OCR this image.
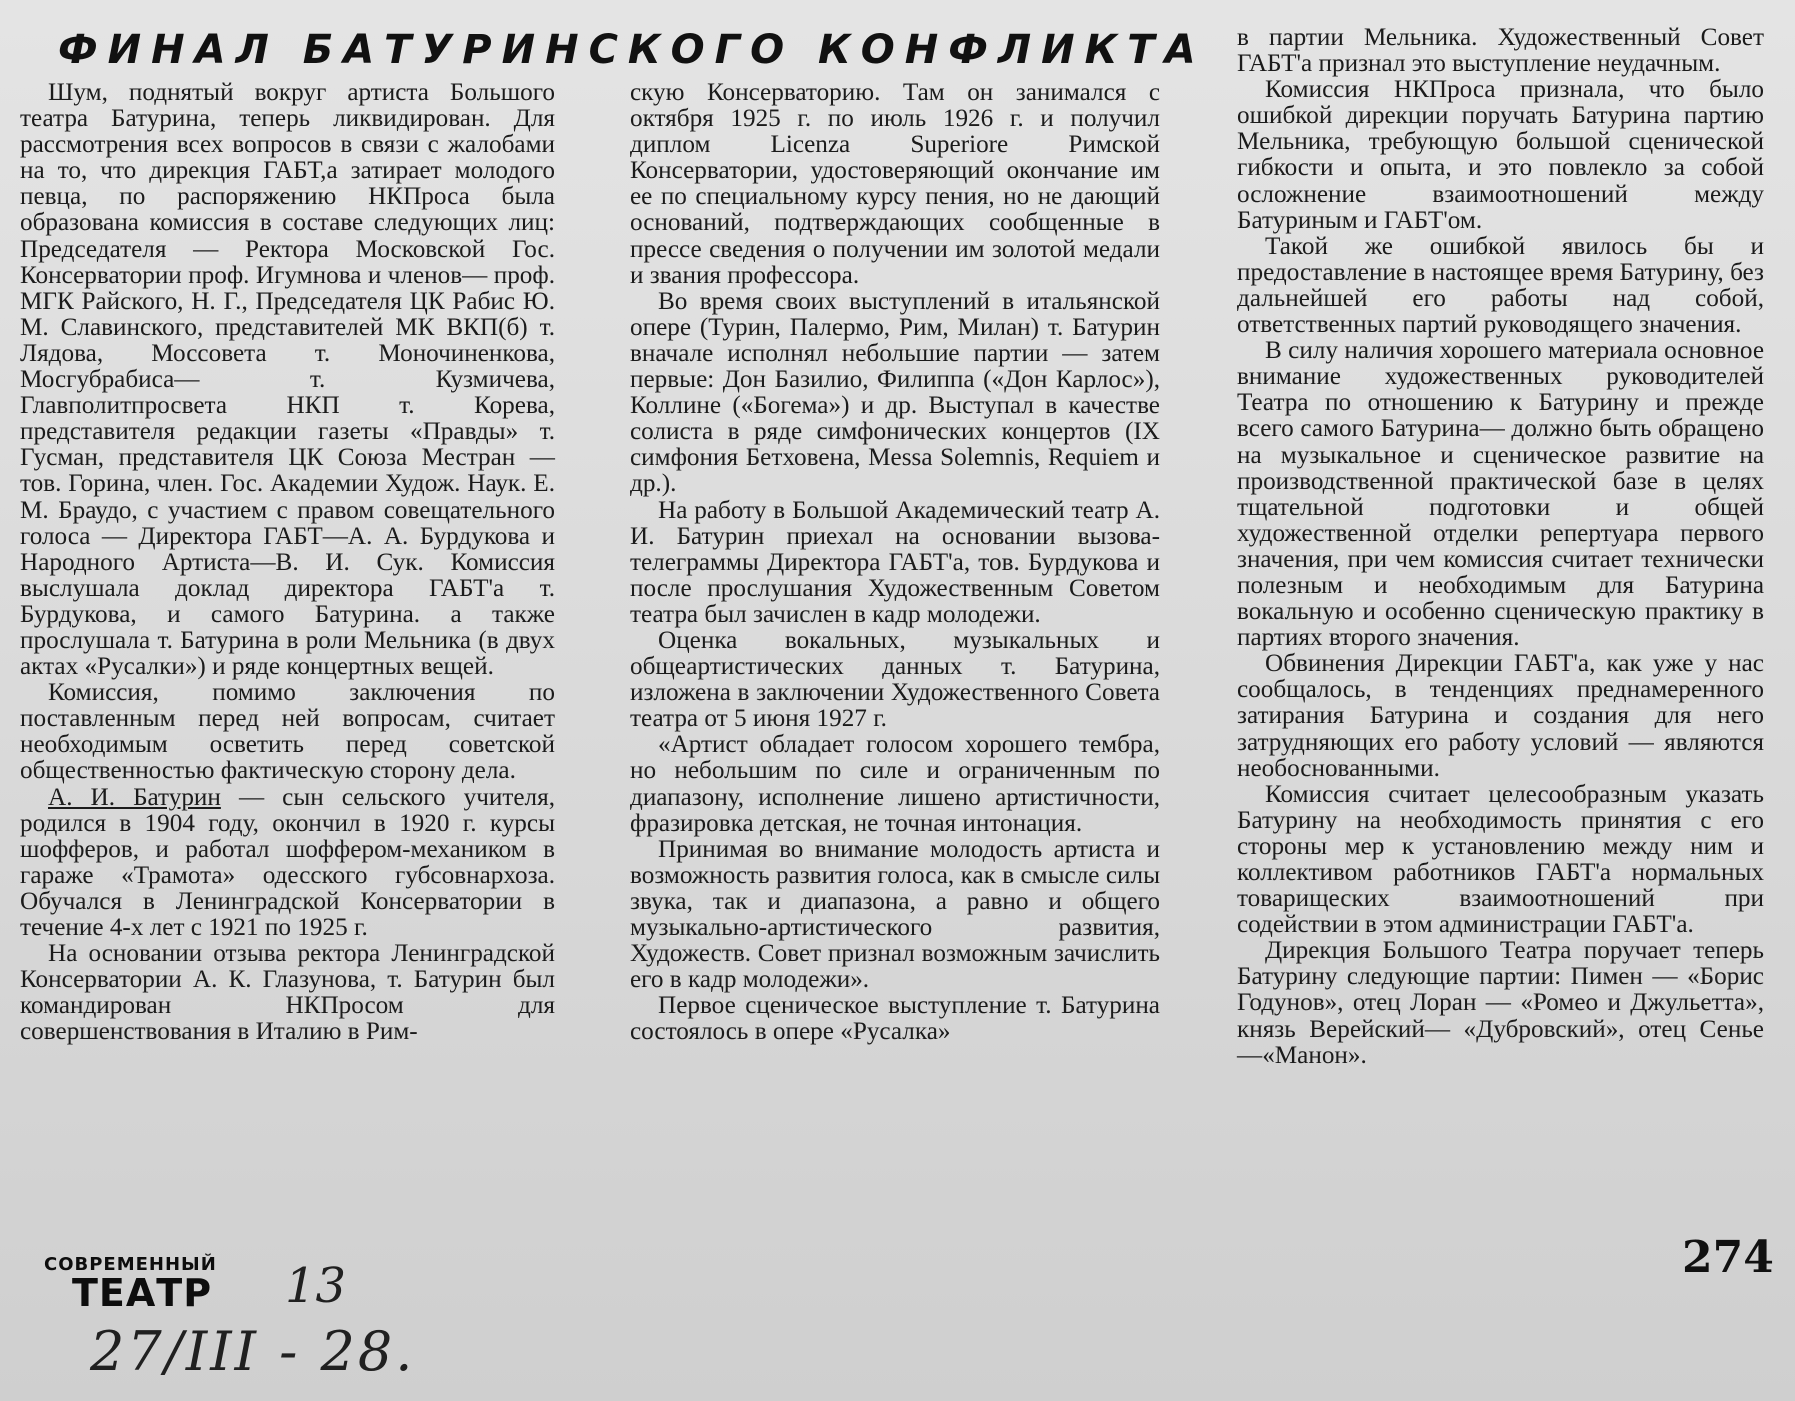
ФИНАЛ БАТУРИНСКОГО КОНФЛИКТА

Шум, поднятый вокруг артиста Большого театра Батурина, теперь ликвидирован. Для рассмотрения всех вопросов в связи с жалобами на то, что дирекция ГАБТ,а затирает молодого певца, по распоряжению НКПроса была образована комиссия в составе следующих лиц: Председателя — Ректора Московской Гос. Консерватории проф. Игумнова и членов— проф. МГК Райского, Н. Г., Председателя ЦК Рабис Ю. М. Славинского, представителей МК ВКП(б) т. Лядова, Моссовета т. Моночиненкова, Мосгубрабиса— т. Кузмичева, Главполитпросвета НКП т. Корева, представителя редакции газеты «Правды» т. Гусман, представителя ЦК Союза Местран — тов. Горина, член. Гос. Академии Худож. Наук. Е. М. Браудо, с участием с правом совещательного голоса — Директора ГАБТ—А. А. Бурдукова и Народного Артиста—В. И. Сук. Комиссия выслушала доклад директора ГАБТ'а т. Бурдукова, и самого Батурина. а также прослушала т. Батурина в роли Мельника (в двух актах «Русалки») и ряде концертных вещей.

Комиссия, помимо заключения по поставленным перед ней вопросам, считает необходимым осветить перед советской общественностью фактическую сторону дела.

А. И. Батурин — сын сельского учителя, родился в 1904 году, окончил в 1920 г. курсы шофферов, и работал шоффером-механиком в гараже «Трамота» одесского губсовнархоза. Обучался в Ленинградской Консерватории в течение 4-х лет с 1921 по 1925 г.

На основании отзыва ректора Ленинградской Консерватории А. К. Глазунова, т. Батурин был командирован НКПросом для совершенствования в Италию в Рим-

скую Консерваторию. Там он занимался с октября 1925 г. по июль 1926 г. и получил диплом Licenza Superiore Римской Консерватории, удостоверяющий окончание им ее по специальному курсу пения, но не дающий оснований, подтверждающих сообщенные в прессе сведения о получении им золотой медали и звания профессора.

Во время своих выступлений в итальянской опере (Турин, Палермо, Рим, Милан) т. Батурин вначале исполнял небольшие партии — затем первые: Дон Базилио, Филиппа («Дон Карлос»), Коллине («Богема») и др. Выступал в качестве солиста в ряде симфонических концертов (IX симфония Бетховена, Messa Solemnis, Requiem и др.).

На работу в Большой Академический театр А. И. Батурин приехал на основании вызова-телеграммы Директора ГАБТ'а, тов. Бурдукова и после прослушания Художественным Советом театра был зачислен в кадр молодежи.

Оценка вокальных, музыкальных и общеартистических данных т. Батурина, изложена в заключении Художественного Совета театра от 5 июня 1927 г.

«Артист обладает голосом хорошего тембра, но небольшим по силе и ограниченным по диапазону, исполнение лишено артистичности, фразировка детская, не точная интонация.

Принимая во внимание молодость артиста и возможность развития голоса, как в смысле силы звука, так и диапазона, а равно и общего музыкально-артистического развития, Художеств. Совет признал возможным зачислить его в кадр молодежи».

Первое сценическое выступление т. Батурина состоялось в опере «Русалка»

в партии Мельника. Художественный Совет ГАБТ'а признал это выступление неудачным.

Комиссия НКПроса признала, что было ошибкой дирекции поручать Батурина партию Мельника, требующую большой сценической гибкости и опыта, и это повлекло за собой осложнение взаимоотношений между Батуриным и ГАБТ'ом.

Такой же ошибкой явилось бы и предоставление в настоящее время Батурину, без дальнейшей его работы над собой, ответственных партий руководящего значения.

В силу наличия хорошего материала основное внимание художественных руководителей Театра по отношению к Батурину и прежде всего самого Батурина— должно быть обращено на музыкальное и сценическое развитие на производственной практической базе в целях тщательной подготовки и общей художественной отделки репертуара первого значения, при чем комиссия считает технически полезным и необходимым для Батурина вокальную и особенно сценическую практику в партиях второго значения.

Обвинения Дирекции ГАБТ'а, как уже у нас сообщалось, в тенденциях преднамеренного затирания Батурина и создания для него затрудняющих его работу условий — являются необоснованными.

Комиссия считает целесообразным указать Батурину на необходимость принятия с его стороны мер к установлению между ним и коллективом работников ГАБТ'а нормальных товарищеских взаимоотношений при содействии в этом администрации ГАБТ'а.

Дирекция Большого Театра поручает теперь Батурину следующие партии: Пимен — «Борис Годунов», отец Лоран — «Ромео и Джульетта», князь Верейский— «Дубровский», отец Сенье—«Манон».

СОВРЕМЕННЫЙ
ТЕАТР	13
27/III - 28.
274
